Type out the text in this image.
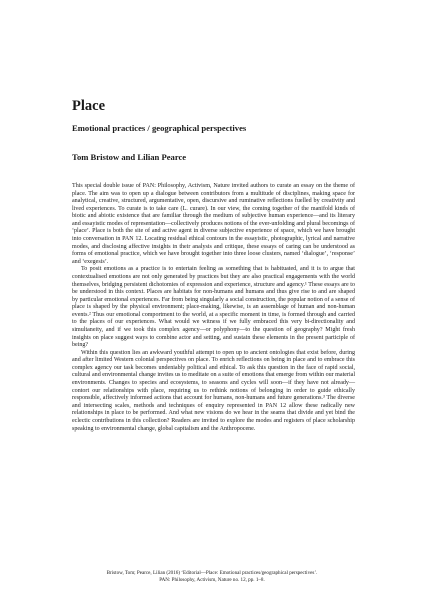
Place
Emotional practices / geographical perspectives
Tom Bristow and Lilian Pearce

This special double issue of PAN: Philosophy, Activism, Nature invited authors to curate an essay on the theme of place. The aim was to open up a dialogue between contributors from a multitude of disciplines, making space for analytical, creative, structured, argumentative, open, discursive and ruminative reflections fuelled by creativity and lived experiences. To curate is to take care (L. curare). In our view, the coming together of the manifold kinds of biotic and abiotic existence that are familiar through the medium of subjective human experience—and its literary and essayistic modes of representation—collectively produces notions of the ever-unfolding and plural becomings of ‘place’. Place is both the site of and active agent in diverse subjective experience of space, which we have brought into conversation in PAN 12. Locating residual ethical contours in the essayistic, photographic, lyrical and narrative modes, and disclosing affective insights in their analysis and critique, these essays of caring can be understood as forms of emotional practice, which we have brought together into three loose clusters, named ‘dialogue’, ‘response’ and ‘exegesis’.

To posit emotions as a practice is to entertain feeling as something that is habituated, and it is to argue that contextualised emotions are not only generated by practices but they are also practical engagements with the world themselves, bridging persistent dichotomies of expression and experience, structure and agency.¹ These essays are to be understood in this context. Places are habitats for non-humans and humans and thus give rise to and are shaped by particular emotional experiences. Far from being singularly a social construction, the popular notion of a sense of place is shaped by the physical environment; place-making, likewise, is an assemblage of human and non-human events.² Thus our emotional comportment to the world, at a specific moment in time, is formed through and carried to the places of our experiences. What would we witness if we fully embraced this very bi-directionality and simultaneity, and if we took this complex agency—or polyphony—to the question of geography? Might fresh insights on place suggest ways to combine actor and setting, and sustain these elements in the present participle of being?

Within this question lies an awkward youthful attempt to open up to ancient ontologies that exist before, during and after limited Western colonial perspectives on place. To enrich reflections on being in place and to embrace this complex agency our task becomes undeniably political and ethical. To ask this question in the face of rapid social, cultural and environmental change invites us to meditate on a suite of emotions that emerge from within our material environments. Changes to species and ecosystems, to seasons and cycles will soon—if they have not already—contort our relationships with place, requiring us to rethink notions of belonging in order to guide ethically responsible, affectively informed actions that account for humans, non-humans and future generations.³ The diverse and intersecting scales, methods and techniques of enquiry represented in PAN 12 allow these radically new relationships in place to be performed. And what new visions do we hear in the seams that divide and yet bind the eclectic contributions in this collection? Readers are invited to explore the modes and registers of place scholarship speaking to environmental change, global capitalism and the Anthropocene.

Bristow, Tom; Pearce, Lilian (2016) ‘Editorial—Place: Emotional practices/geographical perspectives’.
PAN: Philosophy, Activism, Nature no. 12, pp. 1–8.
